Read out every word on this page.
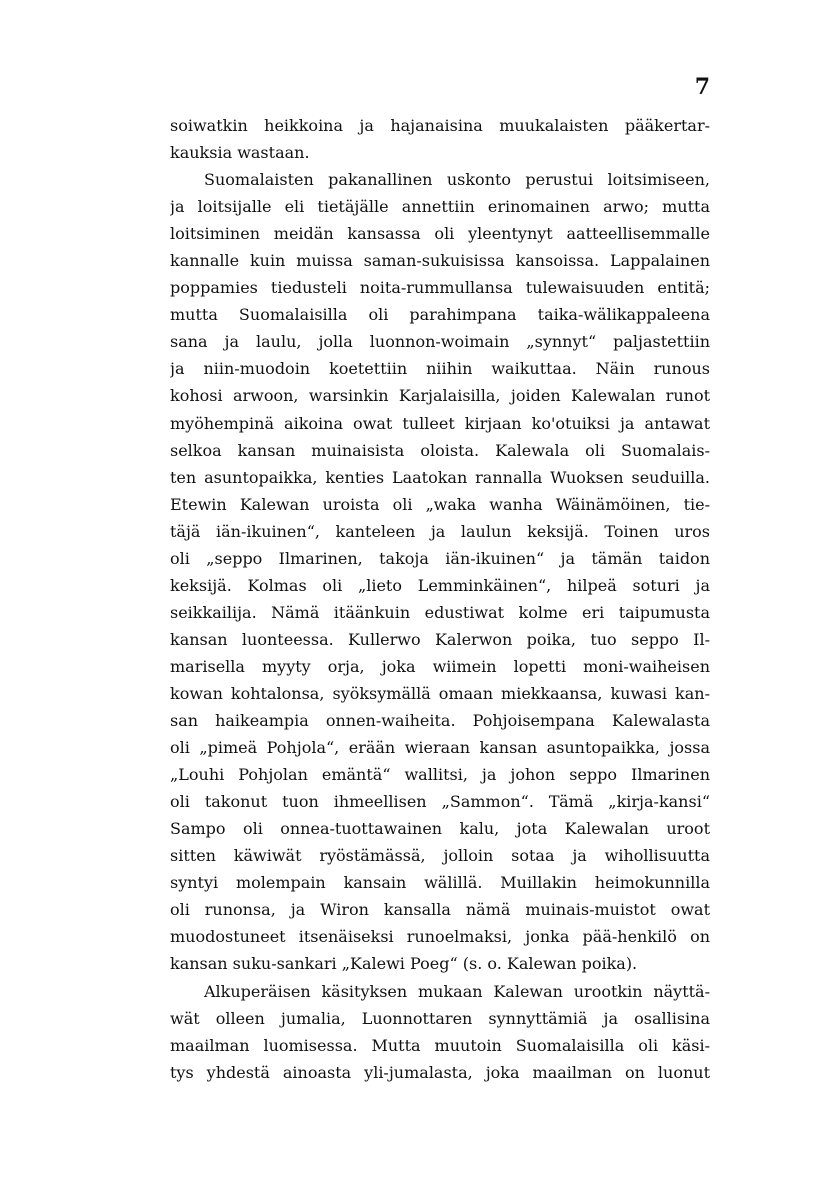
7
soiwatkin heikkoina ja hajanaisina muukalaisten pääkertar-
kauksia wastaan.
Suomalaisten pakanallinen uskonto perustui loitsimiseen,
ja loitsijalle eli tietäjälle annettiin erinomainen arwo; mutta
loitsiminen meidän kansassa oli yleentynyt aatteellisemmalle
kannalle kuin muissa saman-sukuisissa kansoissa. Lappalainen
poppamies tiedusteli noita-rummullansa tulewaisuuden entitä;
mutta Suomalaisilla oli parahimpana taika-wälikappaleena
sana ja laulu, jolla luonnon-woimain „synnyt“ paljastettiin
ja niin-muodoin koetettiin niihin waikuttaa. Näin runous
kohosi arwoon, warsinkin Karjalaisilla, joiden Kalewalan runot
myöhempinä aikoina owat tulleet kirjaan ko'otuiksi ja antawat
selkoa kansan muinaisista oloista. Kalewala oli Suomalais-
ten asuntopaikka, kenties Laatokan rannalla Wuoksen seuduilla.
Etewin Kalewan uroista oli „waka wanha Wäinämöinen, tie-
täjä iän-ikuinen“, kanteleen ja laulun keksijä. Toinen uros
oli „seppo Ilmarinen, takoja iän-ikuinen“ ja tämän taidon
keksijä. Kolmas oli „lieto Lemminkäinen“, hilpeä soturi ja
seikkailija. Nämä itäänkuin edustiwat kolme eri taipumusta
kansan luonteessa. Kullerwo Kalerwon poika, tuo seppo Il-
marisella myyty orja, joka wiimein lopetti moni-waiheisen
kowan kohtalonsa, syöksymällä omaan miekkaansa, kuwasi kan-
san haikeampia onnen-waiheita. Pohjoisempana Kalewalasta
oli „pimeä Pohjola“, erään wieraan kansan asuntopaikka, jossa
„Louhi Pohjolan emäntä“ wallitsi, ja johon seppo Ilmarinen
oli takonut tuon ihmeellisen „Sammon“. Tämä „kirja-kansi“
Sampo oli onnea-tuottawainen kalu, jota Kalewalan uroot
sitten käwiwät ryöstämässä, jolloin sotaa ja wihollisuutta
syntyi molempain kansain wälillä. Muillakin heimokunnilla
oli runonsa, ja Wiron kansalla nämä muinais-muistot owat
muodostuneet itsenäiseksi runoelmaksi, jonka pää-henkilö on
kansan suku-sankari „Kalewi Poeg“ (s. o. Kalewan poika).
Alkuperäisen käsityksen mukaan Kalewan urootkin näyttä-
wät olleen jumalia, Luonnottaren synnyttämiä ja osallisina
maailman luomisessa. Mutta muutoin Suomalaisilla oli käsi-
tys yhdestä ainoasta yli-jumalasta, joka maailman on luonut
